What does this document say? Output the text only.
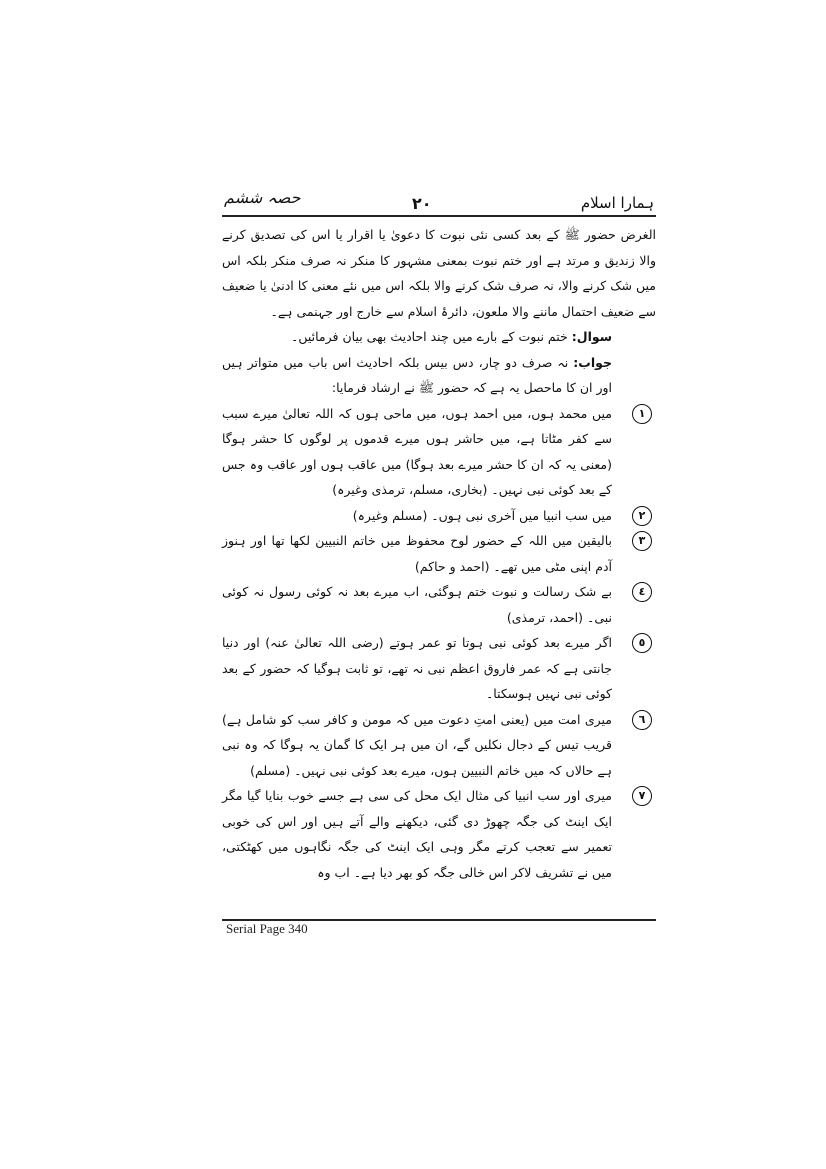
ہمارا اسلام
۲۰
حصہ ششم

الغرض حضور ﷺ کے بعد کسی نئی نبوت کا دعویٰ یا اقرار یا اس کی تصدیق کرنے والا زندیق و مرتد ہے اور ختم نبوت بمعنی مشہور کا منکر نہ صرف منکر بلکہ اس میں شک کرنے والا، نہ صرف شک کرنے والا بلکہ اس میں نئے معنی کا ادنیٰ یا ضعیف سے ضعیف احتمال ماننے والا ملعون، دائرۂ اسلام سے خارج اور جہنمی ہے۔

سوال: ختم نبوت کے بارے میں چند احادیث بھی بیان فرمائیں۔

جواب: نہ صرف دو چار، دس بیس بلکہ احادیث اس باب میں متواتر ہیں اور ان کا ماحصل یہ ہے کہ حضور ﷺ نے ارشاد فرمایا:

١
میں محمد ہوں، میں احمد ہوں، میں ماحی ہوں کہ اللہ تعالیٰ میرے سبب سے کفر مٹاتا ہے، میں حاشر ہوں میرے قدموں پر لوگوں کا حشر ہوگا (معنی یہ کہ ان کا حشر میرے بعد ہوگا) میں عاقب ہوں اور عاقب وہ جس کے بعد کوئی نبی نہیں۔ (بخاری، مسلم، ترمذی وغیرہ)

٢
میں سب انبیا میں آخری نبی ہوں۔ (مسلم وغیرہ)

٣
بالیقین میں اللہ کے حضور لوح محفوظ میں خاتم النبیین لکھا تھا اور ہنوز آدم اپنی مٹی میں تھے۔ (احمد و حاکم)

٤
بے شک رسالت و نبوت ختم ہوگئی، اب میرے بعد نہ کوئی رسول نہ کوئی نبی۔ (احمد، ترمذی)

٥
اگر میرے بعد کوئی نبی ہوتا تو عمر ہوتے (رضی اللہ تعالیٰ عنہ) اور دنیا جانتی ہے کہ عمر فاروق اعظم نبی نہ تھے، تو ثابت ہوگیا کہ حضور کے بعد کوئی نبی نہیں ہوسکتا۔

٦
میری امت میں (یعنی امتِ دعوت میں کہ مومن و کافر سب کو شامل ہے) قریب تیس کے دجال نکلیں گے، ان میں ہر ایک کا گمان یہ ہوگا کہ وہ نبی ہے حالاں کہ میں خاتم النبیین ہوں، میرے بعد کوئی نبی نہیں۔ (مسلم)

٧
میری اور سب انبیا کی مثال ایک محل کی سی ہے جسے خوب بنایا گیا مگر ایک اینٹ کی جگہ چھوڑ دی گئی، دیکھنے والے آتے ہیں اور اس کی خوبی تعمیر سے تعجب کرتے مگر وہی ایک اینٹ کی جگہ نگاہوں میں کھٹکتی، میں نے تشریف لاکر اس خالی جگہ کو بھر دیا ہے۔ اب وہ

Serial Page 340
